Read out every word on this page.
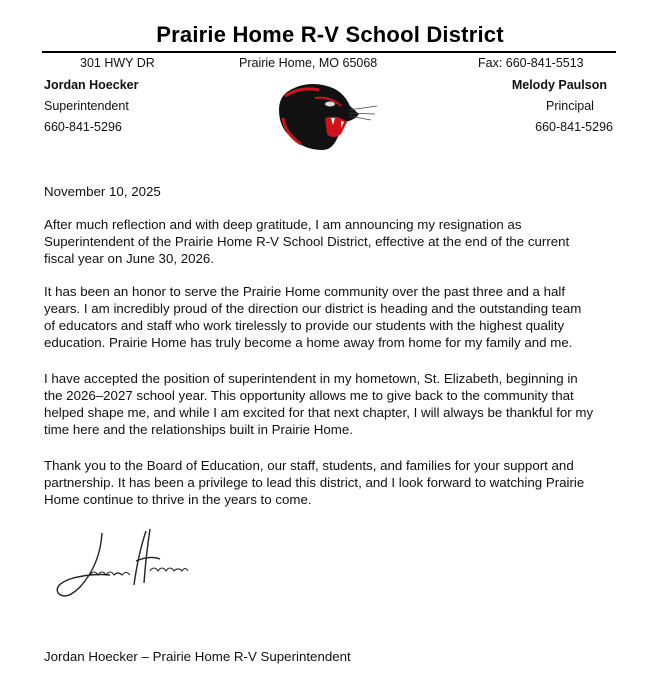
Prairie Home R-V School District
301 HWY DR	Prairie Home, MO 65068	Fax: 660-841-5513
Jordan Hoecker
Superintendent
660-841-5296
Melody Paulson
Principal
660-841-5296
November 10, 2025
After much reflection and with deep gratitude, I am announcing my resignation as
Superintendent of the Prairie Home R-V School District, effective at the end of the current
fiscal year on June 30, 2026.
It has been an honor to serve the Prairie Home community over the past three and a half
years. I am incredibly proud of the direction our district is heading and the outstanding team
of educators and staff who work tirelessly to provide our students with the highest quality
education. Prairie Home has truly become a home away from home for my family and me.
I have accepted the position of superintendent in my hometown, St. Elizabeth, beginning in
the 2026–2027 school year. This opportunity allows me to give back to the community that
helped shape me, and while I am excited for that next chapter, I will always be thankful for my
time here and the relationships built in Prairie Home.
Thank you to the Board of Education, our staff, students, and families for your support and
partnership. It has been a privilege to lead this district, and I look forward to watching Prairie
Home continue to thrive in the years to come.
Jordan Hoecker – Prairie Home R-V Superintendent
